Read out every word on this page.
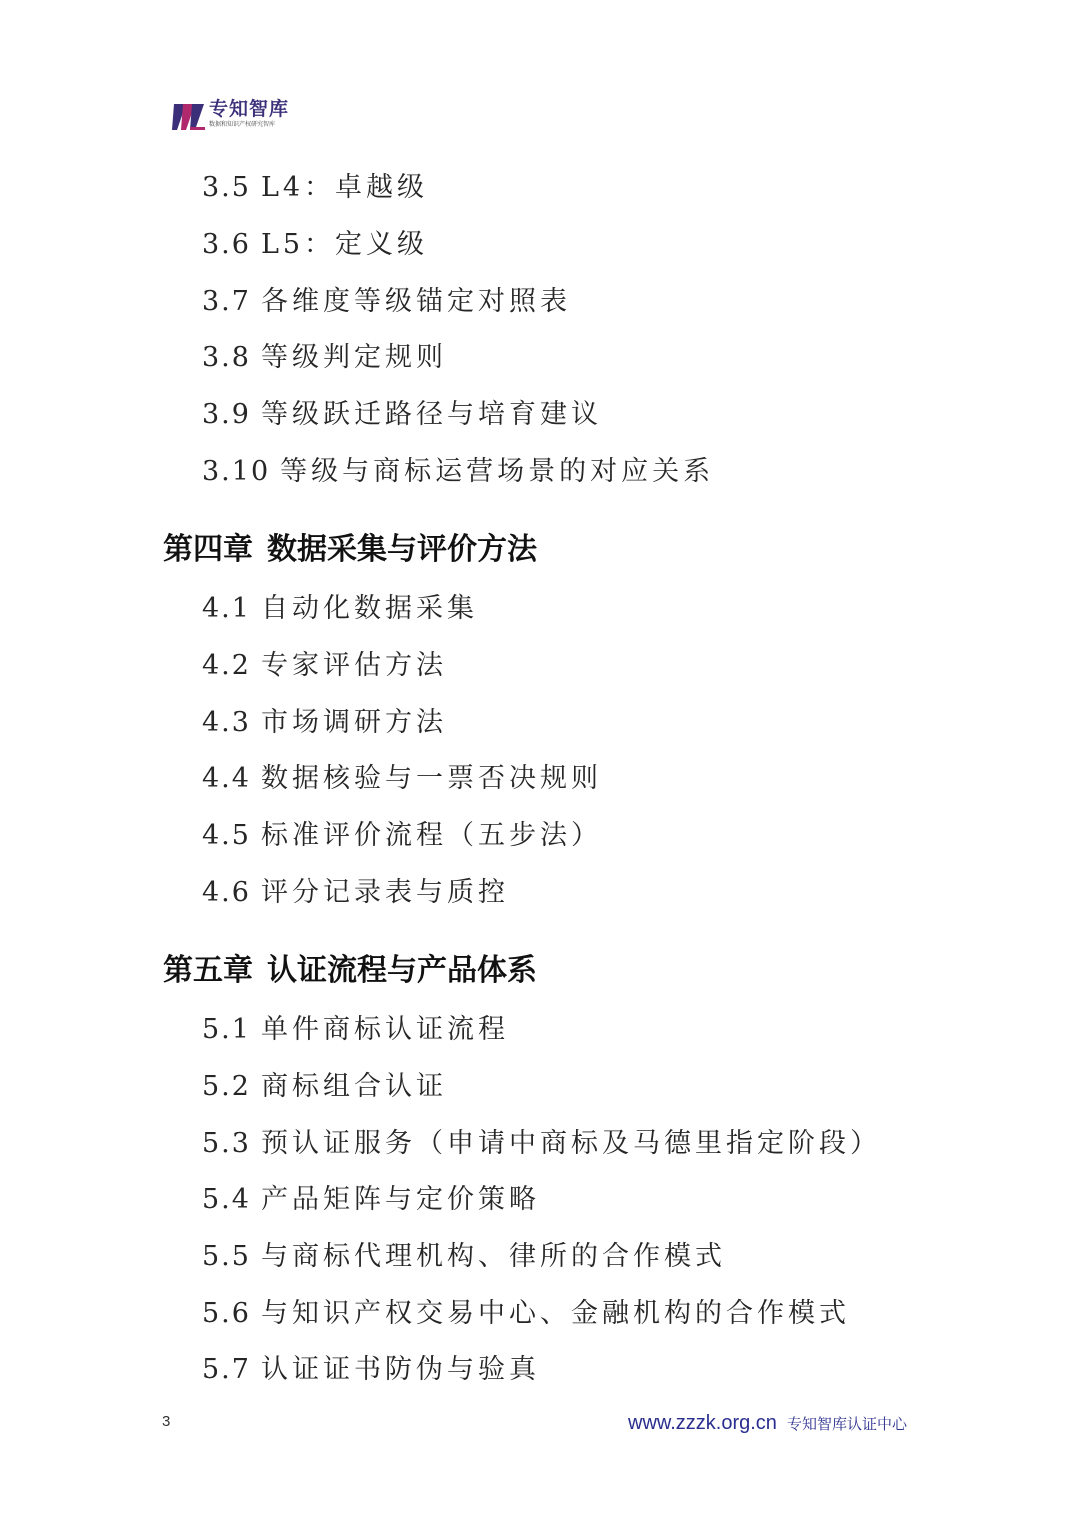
专知智库
数据和知识产权研究智库
3.5 L4：卓越级
3.6 L5：定义级
3.7 各维度等级锚定对照表
3.8 等级判定规则
3.9 等级跃迁路径与培育建议
3.10 等级与商标运营场景的对应关系
第四章 数据采集与评价方法
4.1 自动化数据采集
4.2 专家评估方法
4.3 市场调研方法
4.4 数据核验与一票否决规则
4.5 标准评价流程（五步法）
4.6 评分记录表与质控
第五章 认证流程与产品体系
5.1 单件商标认证流程
5.2 商标组合认证
5.3 预认证服务（申请中商标及马德里指定阶段）
5.4 产品矩阵与定价策略
5.5 与商标代理机构、律所的合作模式
5.6 与知识产权交易中心、金融机构的合作模式
5.7 认证证书防伪与验真
3	www.zzzk.org.cn 专知智库认证中心
